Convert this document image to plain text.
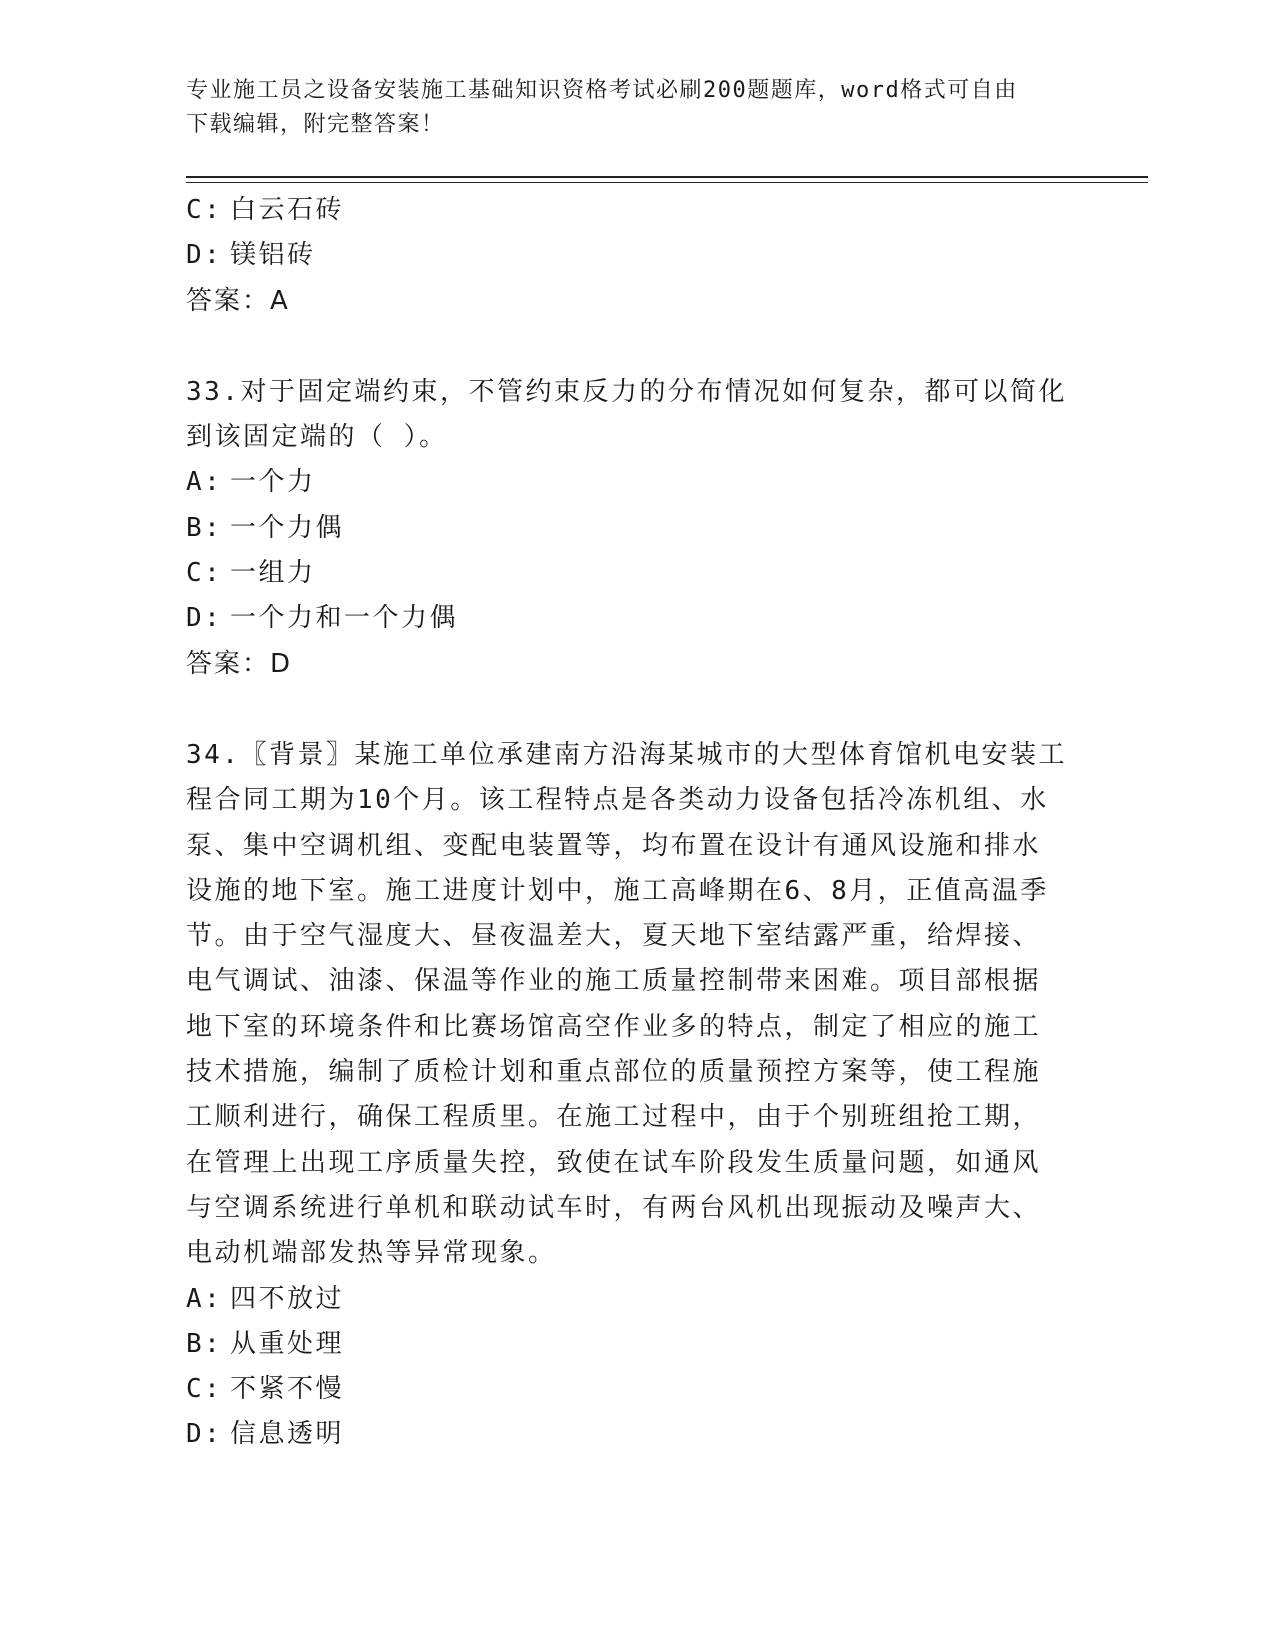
专业施工员之设备安装施工基础知识资格考试必刷200题题库，word格式可自由
下载编辑，附完整答案！
C: 白云石砖
D: 镁铝砖
答案：A
33.对于固定端约束，不管约束反力的分布情况如何复杂，都可以简化
到该固定端的（ ）。
A: 一个力
B: 一个力偶
C: 一组力
D: 一个力和一个力偶
答案：D
34.〖背景〗某施工单位承建南方沿海某城市的大型体育馆机电安装工
程合同工期为10个月。该工程特点是各类动力设备包括冷冻机组、水
泵、集中空调机组、变配电装置等，均布置在设计有通风设施和排水
设施的地下室。施工进度计划中，施工高峰期在6、8月，正值高温季
节。由于空气湿度大、昼夜温差大，夏天地下室结露严重，给焊接、
电气调试、油漆、保温等作业的施工质量控制带来困难。项目部根据
地下室的环境条件和比赛场馆高空作业多的特点，制定了相应的施工
技术措施，编制了质检计划和重点部位的质量预控方案等，使工程施
工顺利进行，确保工程质里。在施工过程中，由于个别班组抢工期，
在管理上出现工序质量失控，致使在试车阶段发生质量问题，如通风
与空调系统进行单机和联动试车时，有两台风机出现振动及噪声大、
电动机端部发热等异常现象。
A: 四不放过
B: 从重处理
C: 不紧不慢
D: 信息透明
